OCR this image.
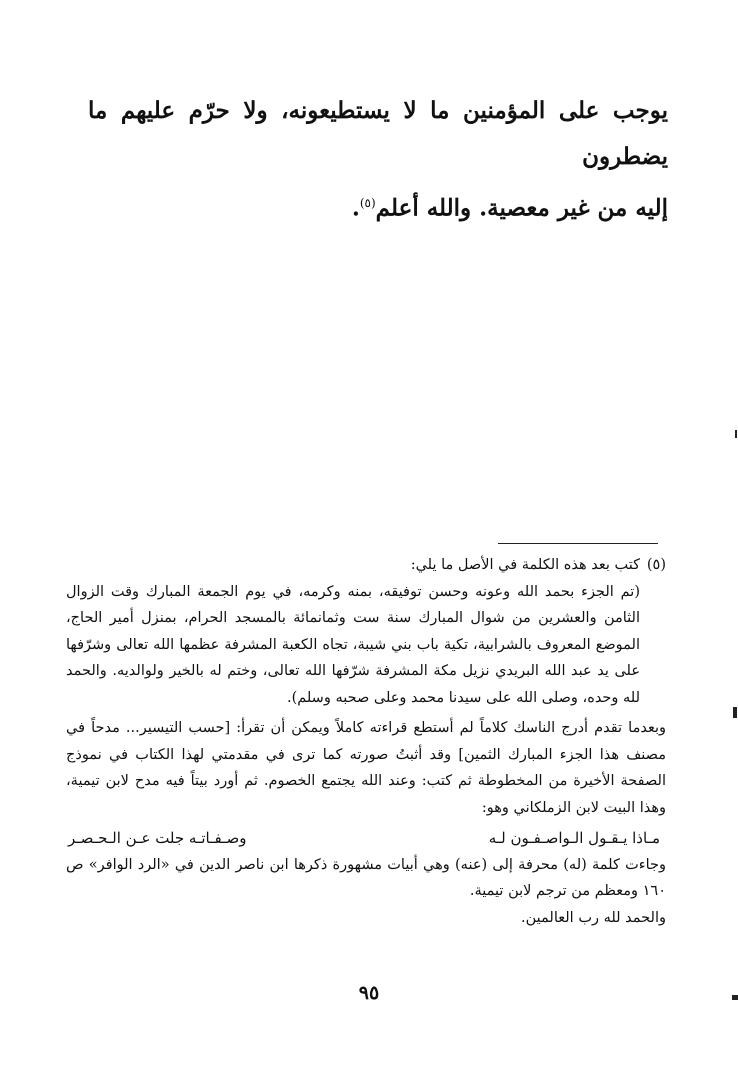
يوجب على المؤمنين ما لا يستطيعونه، ولا حرّم عليهم ما يضطرون
إليه من غير معصية. والله أعلم$^{(٥)}$.
(٥)

كتب بعد هذه الكلمة في الأصل ما يلي:

(تم الجزء بحمد الله وعونه وحسن توفيقه، بمنه وكرمه، في يوم الجمعة المبارك وقت الزوال الثامن والعشرين من شوال المبارك سنة ست وثمانمائة بالمسجد الحرام، بمنزل أمير الحاج، الموضع المعروف بالشرابية، تكية باب بني شيبة، تجاه الكعبة المشرفة عظمها الله تعالى وشرّفها على يد عبد الله البريدي نزيل مكة المشرفة شرّفها الله تعالى، وختم له بالخير ولوالديه. والحمد لله وحده، وصلى الله على سيدنا محمد وعلى صحبه وسلم).

وبعدما تقدم أدرج الناسك كلاماً لم أستطع قراءته كاملاً ويمكن أن تقرأ: [حسب التيسير... مدحاً في مصنف هذا الجزء المبارك الثمين] وقد أثبتُ صورته كما ترى في مقدمتي لهذا الكتاب في نموذج الصفحة الأخيرة من المخطوطة ثم كتب: وعند الله يجتمع الخصوم. ثم أورد بيتاً فيه مدح لابن تيمية، وهذا البيت لابن الزملكاني وهو:

مـاذا يـقـول الـواصـفـون لـه
وصـفـاتـه جلت عـن الـحـصـر

وجاءت كلمة (له) محرفة إلى (عنه) وهي أبيات مشهورة ذكرها ابن ناصر الدين في «الرد الوافر» ص ١٦٠ ومعظم من ترجم لابن تيمية.

والحمد لله رب العالمين.

٩٥
